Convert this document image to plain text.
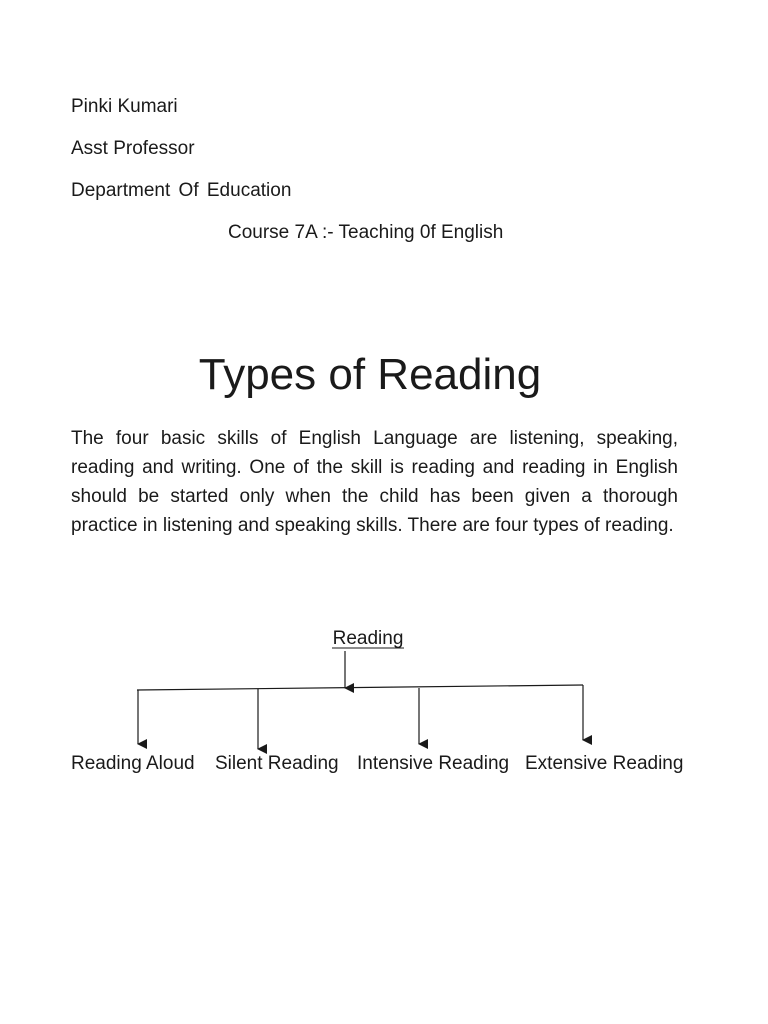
Pinki Kumari
Asst Professor
Department Of Education
Course 7A :- Teaching 0f English
Types of Reading

The four basic skills of English Language are listening, speaking, reading and writing. One of the skill is reading and reading in English should be started only when the child has been given a thorough practice in listening and speaking skills. There are four types of reading.

Reading
Reading Aloud Silent Reading Intensive Reading Extensive Reading
